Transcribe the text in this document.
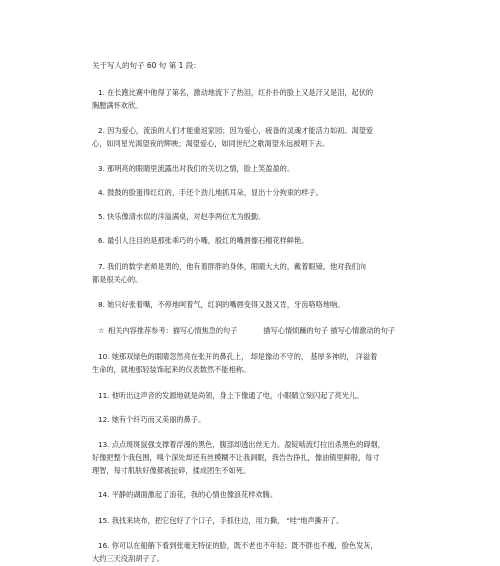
关于写人的句子 60 句 第 1 段：
1. 在长跑比赛中他得了第名，激动地流下了热泪，红扑扑的脸上又是汗又是泪，起伏的
胸膛满怀欢欣。
2. 因为爱心，流浪的人们才能重返家园；因为爱心，疲备的灵魂才能活力如初。渴望爱
心，如同星光渴望夜的辉映；渴望爱心，如同世纪之歌渴望永远被唱下去。
3. 那明亮的眼睛里流露出对我们的关切之情，脸上笑盈盈的。
4. 鼓鼓的脸蛋得红红的，手还个劲儿地抓耳朵，显出十分拘束的样子。
5. 快乐像清水似的洋溢满桌，对赵李两位尤为殷勤。
6. 最引人注目的是那张乖巧的小嘴，殷红的嘴唇像石榴花样鲜艳。
7. 我们的数学老师是男的，他有着胖胖的身体，眼睛大大的，戴着眼镜。他对我们向
都是很关心的。
8. 她只好张着嘴，不停地呵着气，红润的嘴唇变得又鼓又肯，牙齿咯咯地响。
☆ 相关内容推荐参考：描写心情焦急的句子	描写心情烦躁的句子 描写心情激动的句子
10. 她那双绿色的眼睛忽然亮在张开的鼻孔上， 却是像动不守的， 基厚多神的， 洋溢着
生命的，就地那轻装饰起来的仪表数然不能相称。
11. 他听出这声音的发源地就是尚领，身上下像通了电，小眼睛立刻闪起了亮光儿。
12. 她有个纤巧而又美丽的鼻子。
13. 点点斑斑鼠强支撑着浮漫的黑色，腹部却透出丝无力。盈锭啮流灯拉出杀黑色的碍烟，
好像把整个我包围，嗅个深处却还有丝模糊不让我洞眠，我告告挣扎，像油镇里鲜般，每寸
理智，每寸肌肤好像都被扯碎，揉成团生不如死。
14. 平静的湖面激起了浪花，我的心情也像浪花样欢腾。
15. 我找来块布，把它包好了个口子，手抓住边，用力撕， "哇"地声撕开了。
16. 你可以在船艄下看到张毫无特征的脸，既不老也不年轻；既不胖也不瘦，脸色发灰，
大约三天没刮胡子了。
